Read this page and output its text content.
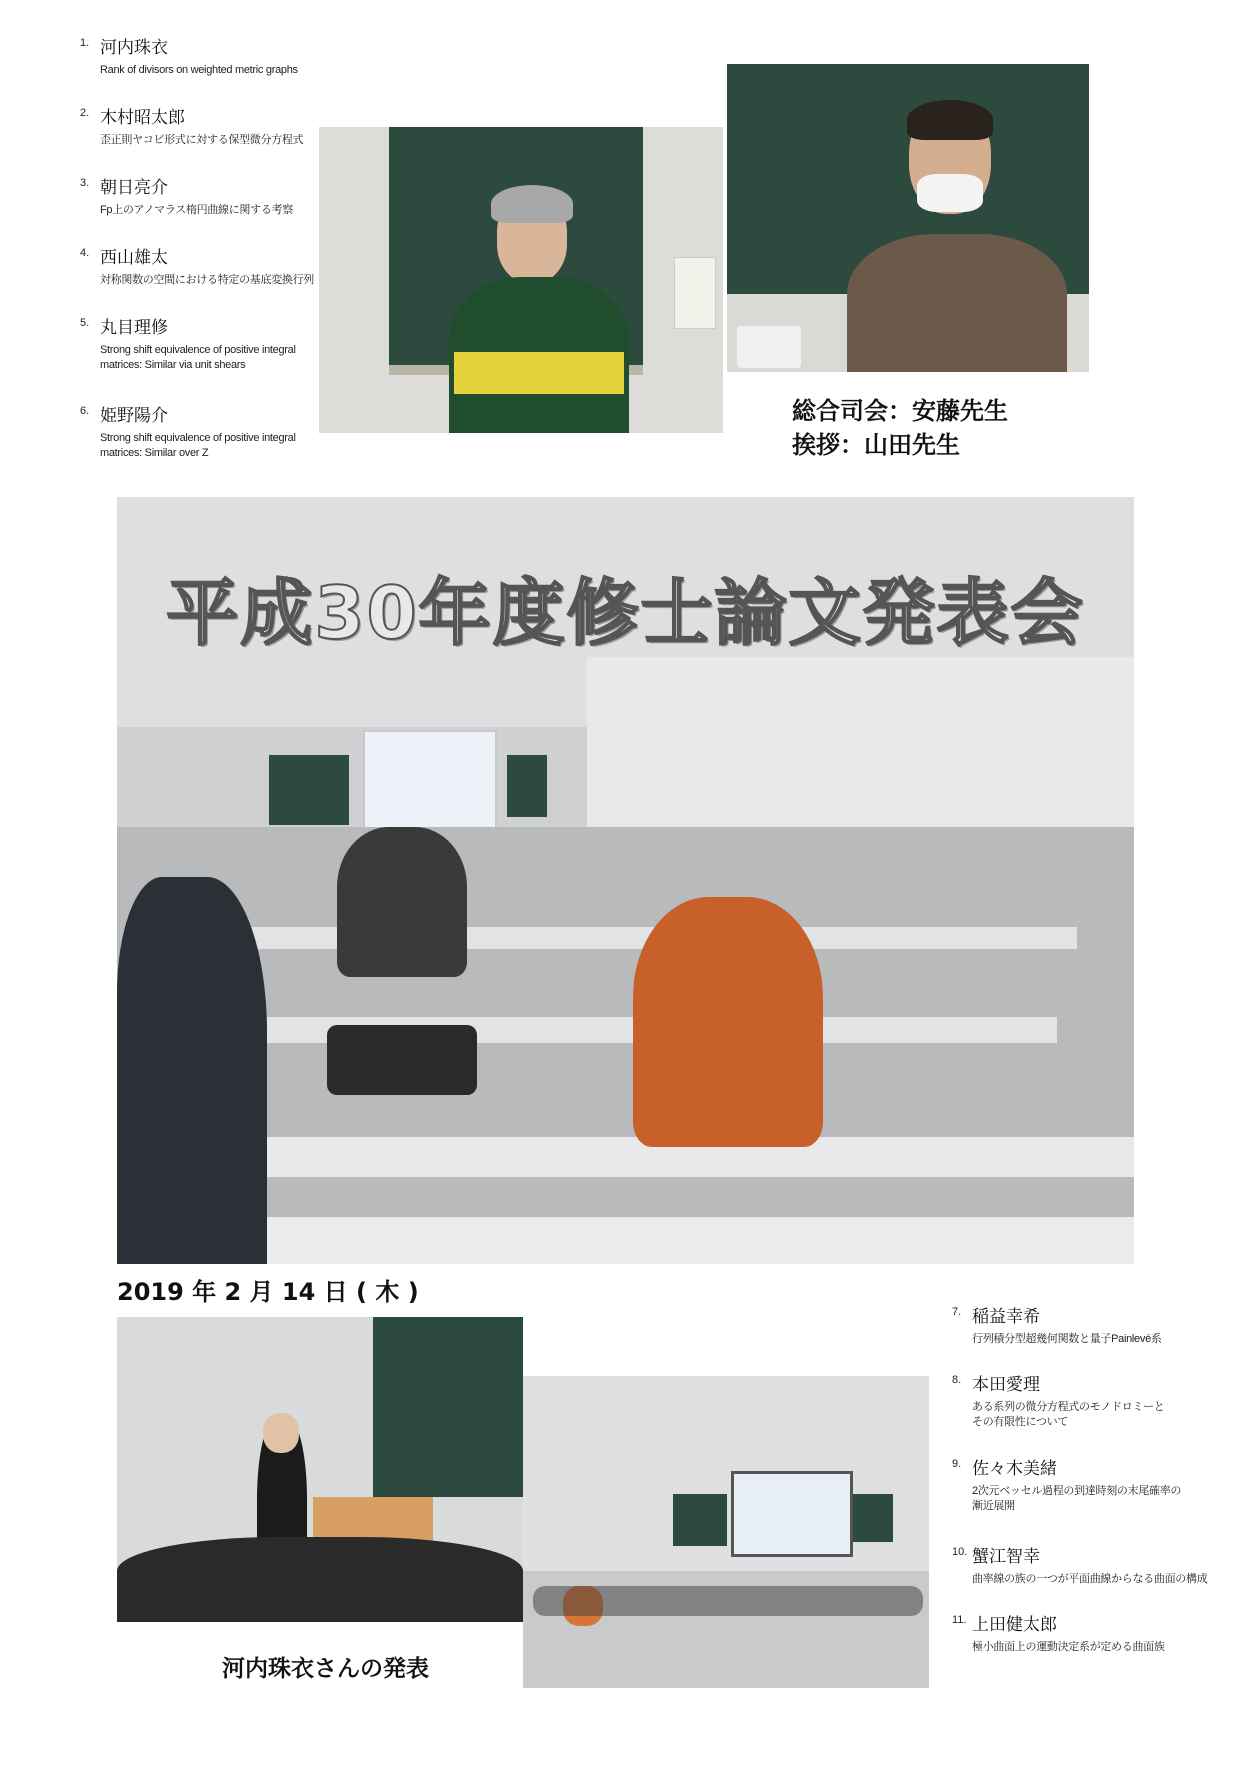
1. 河内珠衣
Rank of divisors on weighted metric graphs
2. 木村昭太郎
歪正則ヤコビ形式に対する保型微分方程式
3. 朝日亮介
Fp上のアノマラス楕円曲線に関する考察
4. 西山雄太
対称関数の空間における特定の基底変換行列
5. 丸目理修
Strong shift equivalence of positive integral
matrices: Similar via unit shears
6. 姫野陽介
Strong shift equivalence of positive integral
matrices: Similar over Z
総合司会：安藤先生
挨拶：山田先生
平成30年度修士論文発表会
2019 年 2 月 14 日 ( 木 )
河内珠衣さんの発表
7. 稲益幸希
行列積分型超幾何関数と量子Painlevé系
8. 本田愛理
ある系列の微分方程式のモノドロミーと
その有限性について
9. 佐々木美緒
2次元ベッセル過程の到達時刻の末尾確率の
漸近展開
10. 蟹江智幸
曲率線の族の一つが平面曲線からなる曲面の構成
11. 上田健太郎
極小曲面上の運動決定系が定める曲面族
